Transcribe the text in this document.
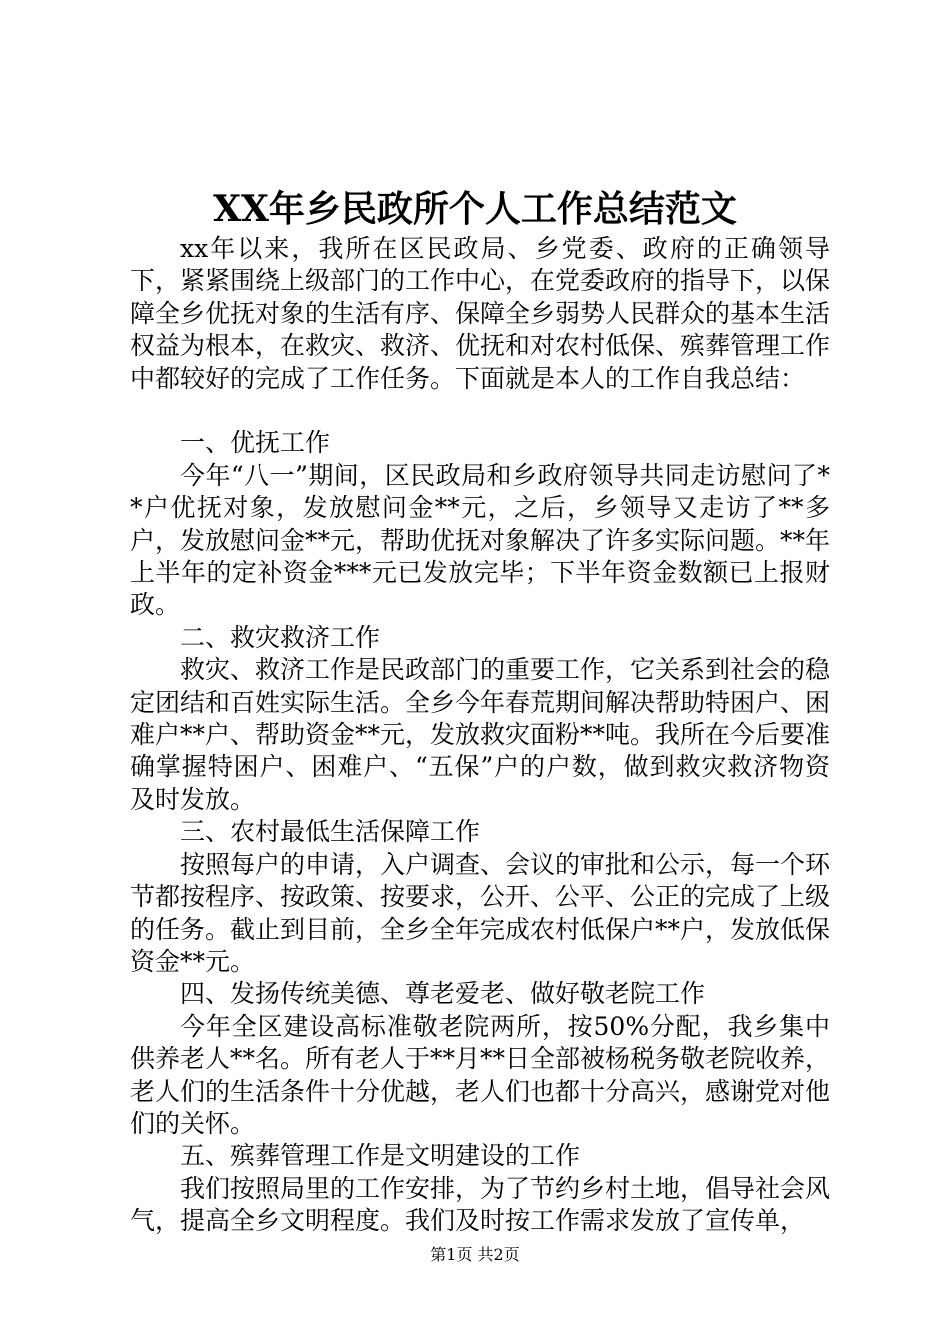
XX年乡民政所个人工作总结范文

xx年以来，我所在区民政局、乡党委、政府的正确领导下，紧紧围绕上级部门的工作中心，在党委政府的指导下，以保障全乡优抚对象的生活有序、保障全乡弱势人民群众的基本生活权益为根本，在救灾、救济、优抚和对农村低保、殡葬管理工作中都较好的完成了工作任务。下面就是本人的工作自我总结：

一、优抚工作

今年“八一”期间，区民政局和乡政府领导共同走访慰问了**户优抚对象，发放慰问金**元，之后，乡领导又走访了**多户，发放慰问金**元，帮助优抚对象解决了许多实际问题。**年上半年的定补资金***元已发放完毕；下半年资金数额已上报财政。

二、救灾救济工作

救灾、救济工作是民政部门的重要工作，它关系到社会的稳定团结和百姓实际生活。全乡今年春荒期间解决帮助特困户、困难户**户、帮助资金**元，发放救灾面粉**吨。我所在今后要准确掌握特困户、困难户、“五保”户的户数，做到救灾救济物资及时发放。

三、农村最低生活保障工作

按照每户的申请，入户调查、会议的审批和公示，每一个环节都按程序、按政策、按要求，公开、公平、公正的完成了上级的任务。截止到目前，全乡全年完成农村低保户**户，发放低保资金**元。

四、发扬传统美德、尊老爱老、做好敬老院工作

今年全区建设高标准敬老院两所，按50%分配，我乡集中供养老人**名。所有老人于**月**日全部被杨税务敬老院收养，老人们的生活条件十分优越，老人们也都十分高兴，感谢党对他们的关怀。

五、殡葬管理工作是文明建设的工作

我们按照局里的工作安排，为了节约乡村土地，倡导社会风气，提高全乡文明程度。我们及时按工作需求发放了宣传单，

第1页 共2页
